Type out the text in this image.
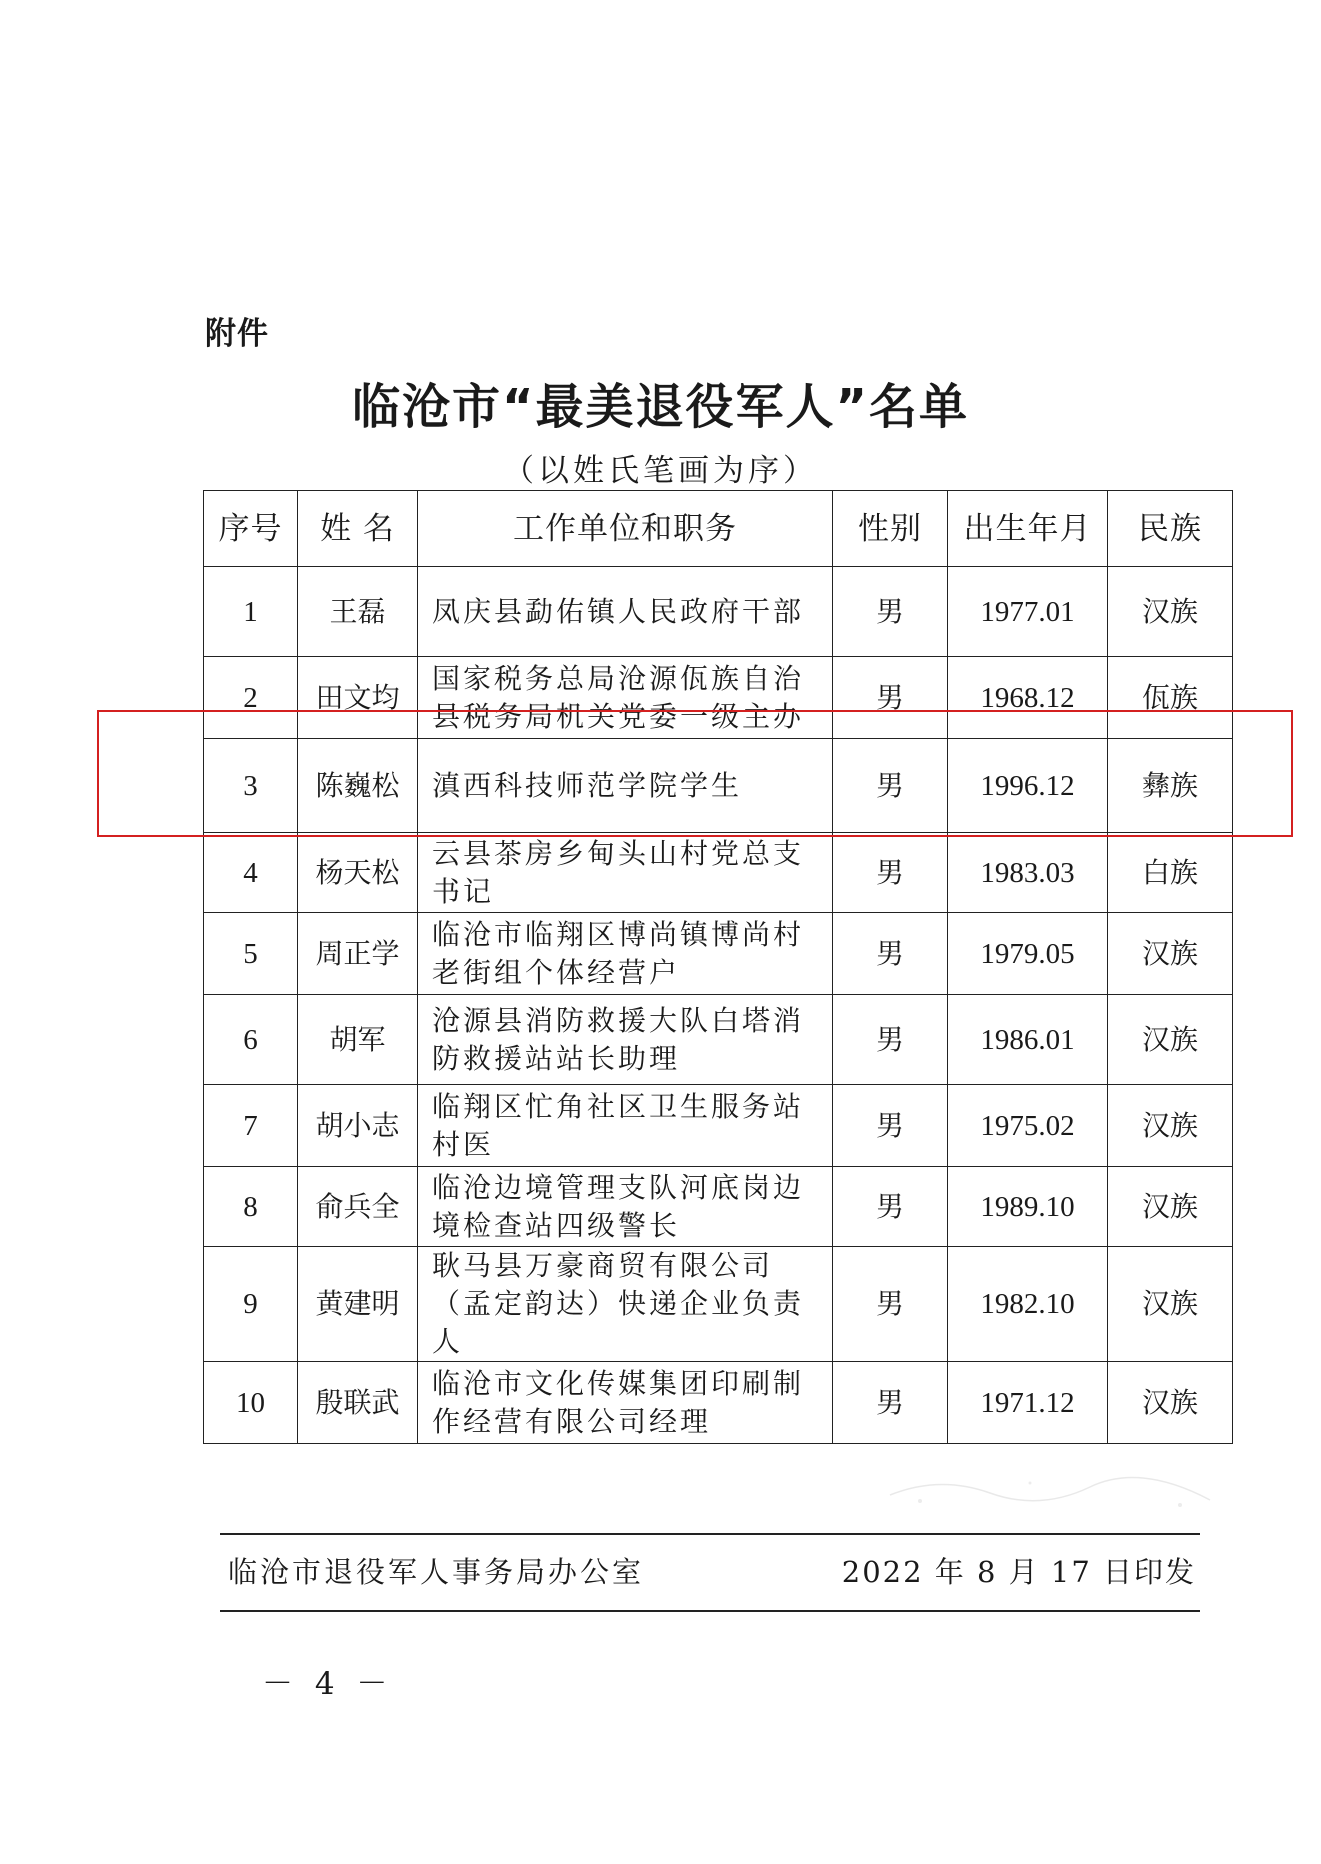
附件
临沧市“最美退役军人”名单
（以姓氏笔画为序）
序号	姓 名	工作单位和职务	性别	出生年月	民族
1	王磊	凤庆县勐佑镇人民政府干部	男	1977.01	汉族
2	田文均	国家税务总局沧源佤族自治县税务局机关党委一级主办	男	1968.12	佤族
3	陈巍松	滇西科技师范学院学生	男	1996.12	彝族
4	杨天松	云县茶房乡甸头山村党总支书记	男	1983.03	白族
5	周正学	临沧市临翔区博尚镇博尚村老街组个体经营户	男	1979.05	汉族
6	胡军	沧源县消防救援大队白塔消防救援站站长助理	男	1986.01	汉族
7	胡小志	临翔区忙角社区卫生服务站村医	男	1975.02	汉族
8	俞兵全	临沧边境管理支队河底岗边境检查站四级警长	男	1989.10	汉族
9	黄建明	耿马县万豪商贸有限公司（孟定韵达）快递企业负责人	男	1982.10	汉族
10	殷联武	临沧市文化传媒集团印刷制作经营有限公司经理	男	1971.12	汉族
临沧市退役军人事务局办公室	2022 年 8 月 17 日印发
－ 4 －
